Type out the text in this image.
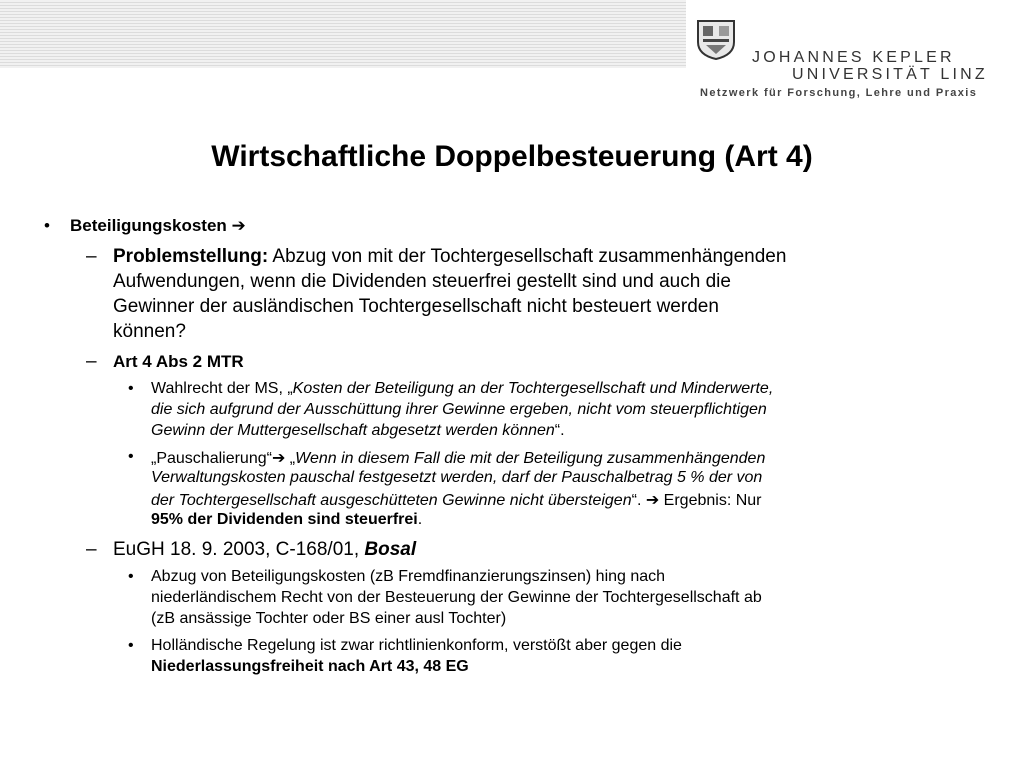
JOHANNES KEPLER
UNIVERSITÄT LINZ
Netzwerk für Forschung, Lehre und Praxis
Wirtschaftliche Doppelbesteuerung (Art 4)
• Beteiligungskosten ➔
– Problemstellung: Abzug von mit der Tochtergesellschaft zusammenhängenden
Aufwendungen, wenn die Dividenden steuerfrei gestellt sind und auch die
Gewinner der ausländischen Tochtergesellschaft nicht besteuert werden
können?
– Art 4 Abs 2 MTR
• Wahlrecht der MS, „Kosten der Beteiligung an der Tochtergesellschaft und Minderwerte,
die sich aufgrund der Ausschüttung ihrer Gewinne ergeben, nicht vom steuerpflichtigen
Gewinn der Muttergesellschaft abgesetzt werden können“.
• „Pauschalierung“➔ „Wenn in diesem Fall die mit der Beteiligung zusammenhängenden
Verwaltungskosten pauschal festgesetzt werden, darf der Pauschalbetrag 5 % der von
der Tochtergesellschaft ausgeschütteten Gewinne nicht übersteigen“. ➔ Ergebnis: Nur
95% der Dividenden sind steuerfrei.
– EuGH 18. 9. 2003, C-168/01, Bosal
• Abzug von Beteiligungskosten (zB Fremdfinanzierungszinsen) hing nach
niederländischem Recht von der Besteuerung der Gewinne der Tochtergesellschaft ab
(zB ansässige Tochter oder BS einer ausl Tochter)
• Holländische Regelung ist zwar richtlinienkonform, verstößt aber gegen die
Niederlassungsfreiheit nach Art 43, 48 EG
